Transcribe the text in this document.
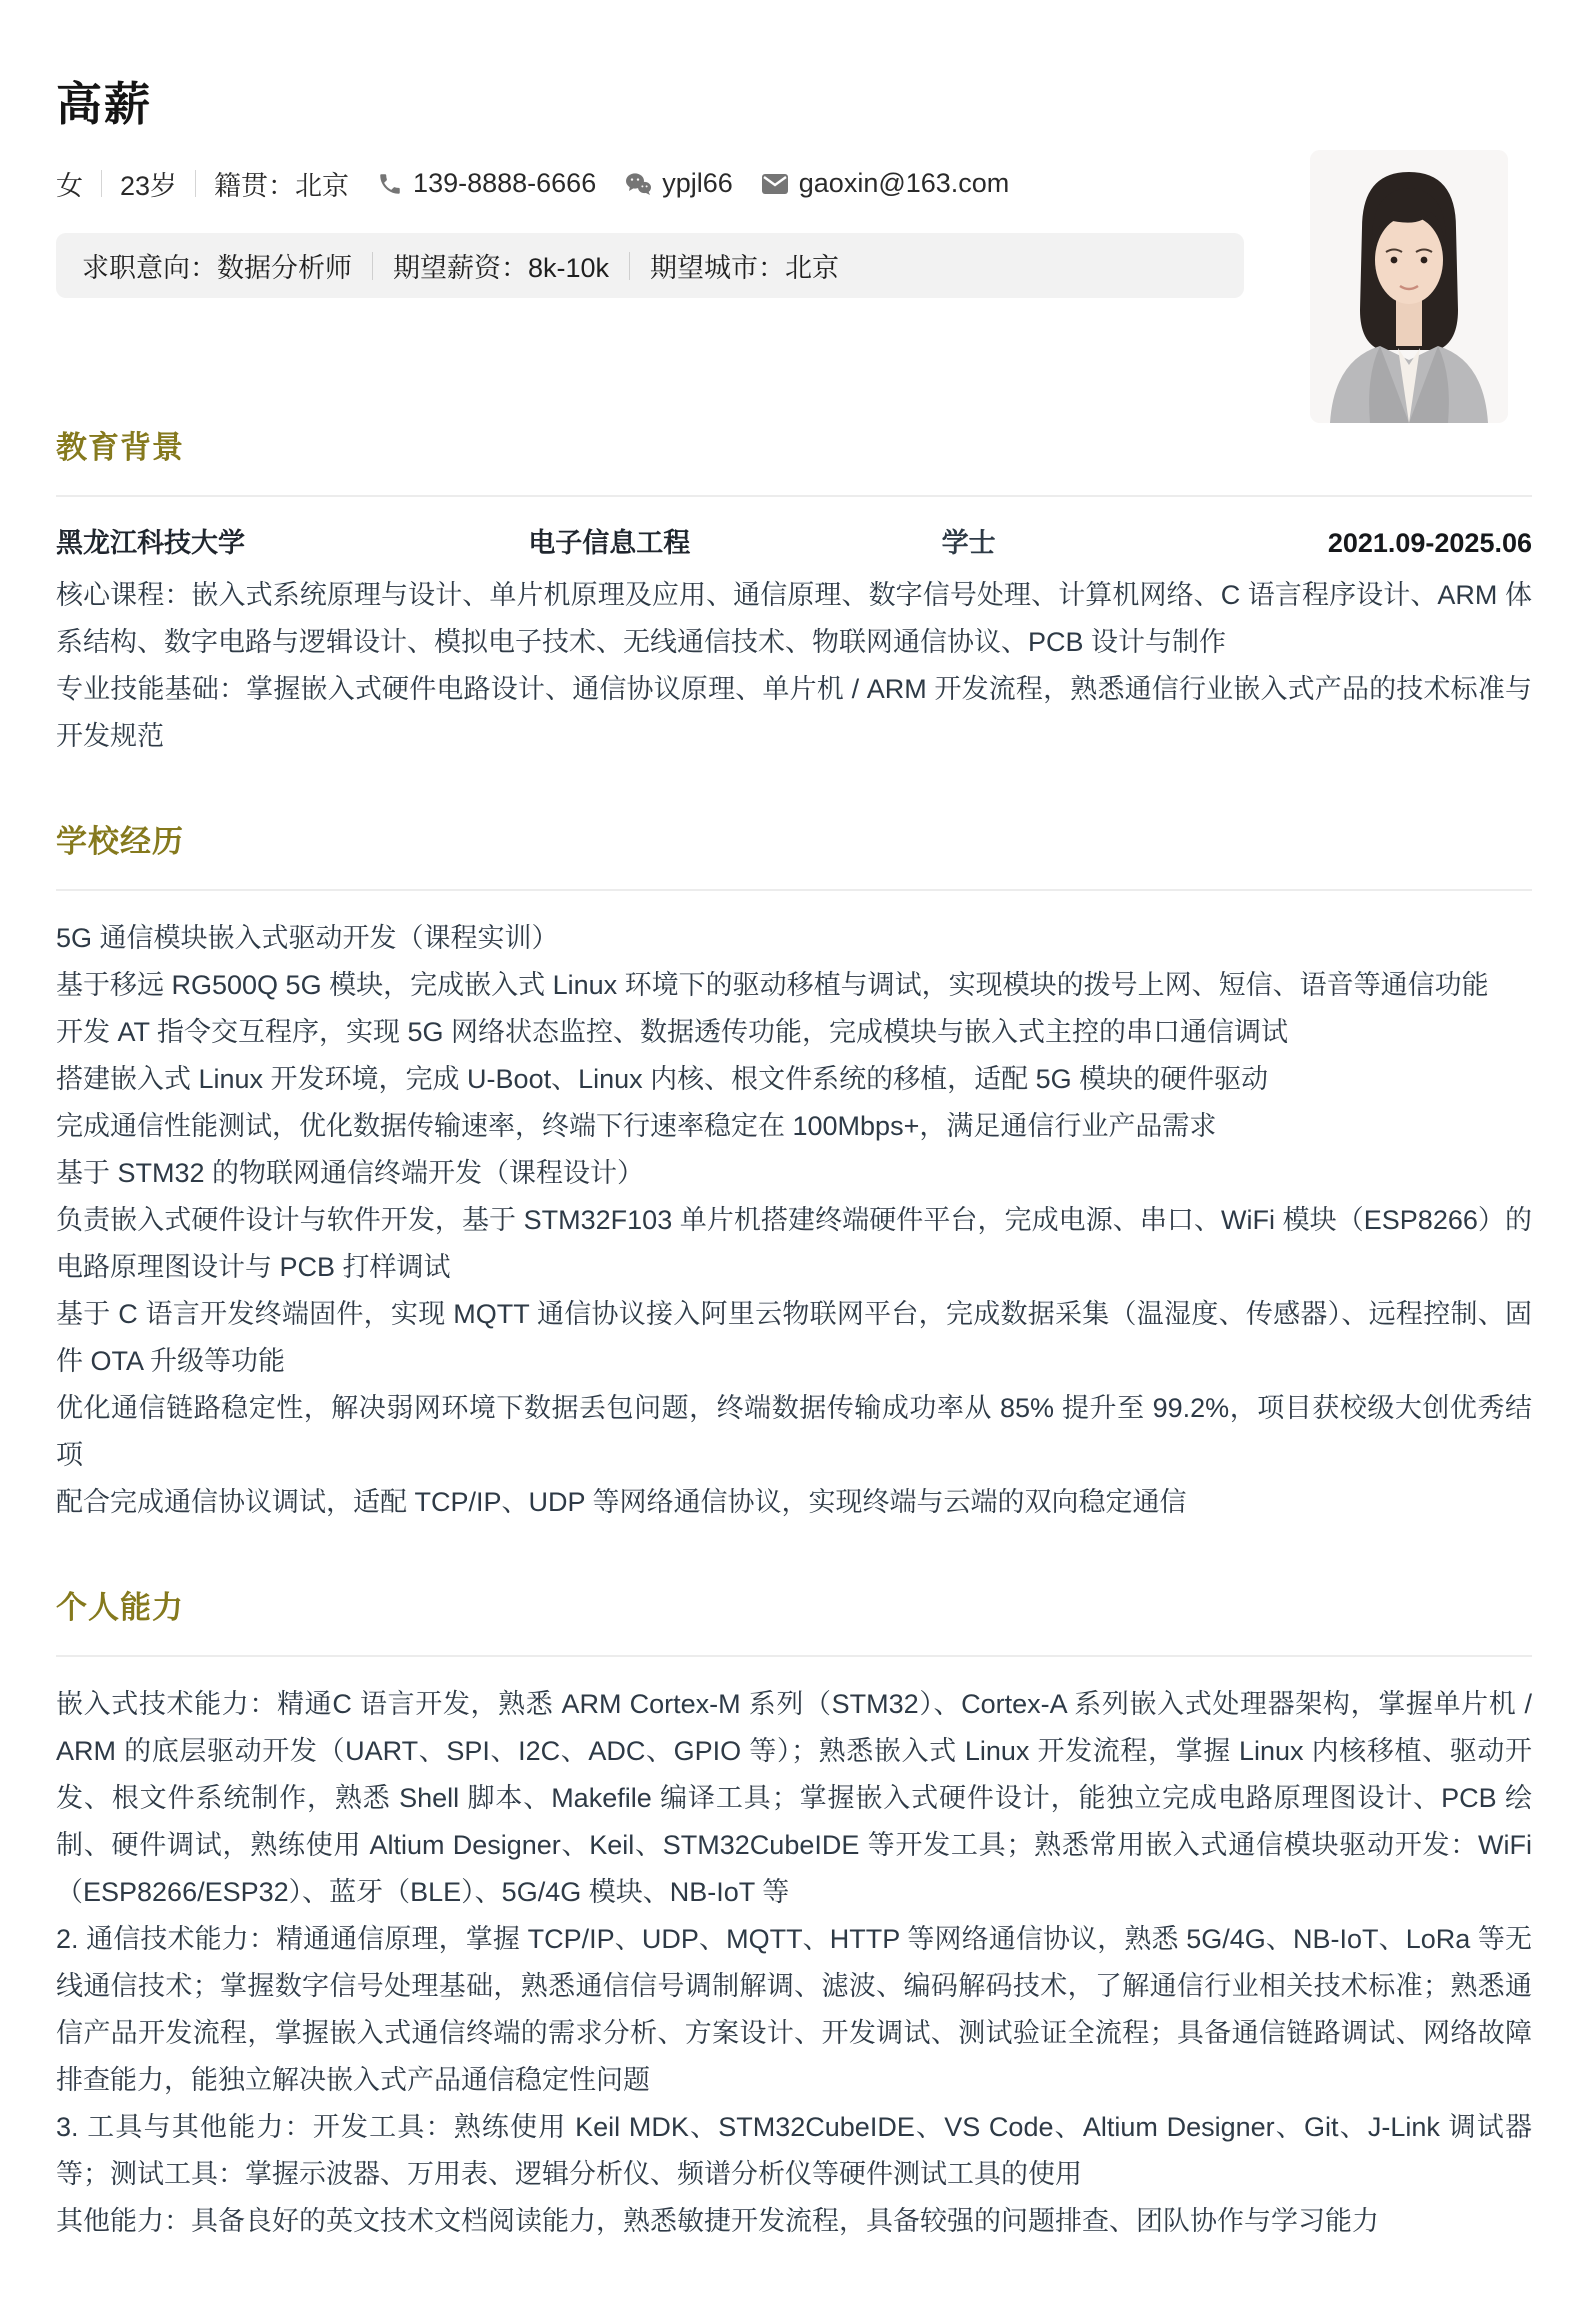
高薪
女 23岁 籍贯：北京 139-8888-6666 ypjl66 gaoxin@163.com
求职意向：数据分析师 期望薪资：8k-10k 期望城市：北京
教育背景
黑龙江科技大学	电子信息工程	学士	2021.09-2025.06

核心课程：嵌入式系统原理与设计、单片机原理及应用、通信原理、数字信号处理、计算机网络、C 语言程序设计、ARM 体系结构、数字电路与逻辑设计、模拟电子技术、无线通信技术、物联网通信协议、PCB 设计与制作

专业技能基础：掌握嵌入式硬件电路设计、通信协议原理、单片机 / ARM 开发流程，熟悉通信行业嵌入式产品的技术标准与开发规范

学校经历

5G 通信模块嵌入式驱动开发（课程实训）

基于移远 RG500Q 5G 模块，完成嵌入式 Linux 环境下的驱动移植与调试，实现模块的拨号上网、短信、语音等通信功能

开发 AT 指令交互程序，实现 5G 网络状态监控、数据透传功能，完成模块与嵌入式主控的串口通信调试

搭建嵌入式 Linux 开发环境，完成 U-Boot、Linux 内核、根文件系统的移植，适配 5G 模块的硬件驱动

完成通信性能测试，优化数据传输速率，终端下行速率稳定在 100Mbps+，满足通信行业产品需求

基于 STM32 的物联网通信终端开发（课程设计）

负责嵌入式硬件设计与软件开发，基于 STM32F103 单片机搭建终端硬件平台，完成电源、串口、WiFi 模块（ESP8266）的电路原理图设计与 PCB 打样调试

基于 C 语言开发终端固件，实现 MQTT 通信协议接入阿里云物联网平台，完成数据采集（温湿度、传感器）、远程控制、固件 OTA 升级等功能

优化通信链路稳定性，解决弱网环境下数据丢包问题，终端数据传输成功率从 85% 提升至 99.2%，项目获校级大创优秀结项

配合完成通信协议调试，适配 TCP/IP、UDP 等网络通信协议，实现终端与云端的双向稳定通信

个人能力

嵌入式技术能力：精通C 语言开发，熟悉 ARM Cortex-M 系列（STM32）、Cortex-A 系列嵌入式处理器架构，掌握单片机 / ARM 的底层驱动开发（UART、SPI、I2C、ADC、GPIO 等）；熟悉嵌入式 Linux 开发流程，掌握 Linux 内核移植、驱动开发、根文件系统制作，熟悉 Shell 脚本、Makefile 编译工具；掌握嵌入式硬件设计，能独立完成电路原理图设计、PCB 绘制、硬件调试，熟练使用 Altium Designer、Keil、STM32CubeIDE 等开发工具；熟悉常用嵌入式通信模块驱动开发：WiFi（ESP8266/ESP32）、蓝牙（BLE）、5G/4G 模块、NB-IoT 等

2. 通信技术能力：精通通信原理，掌握 TCP/IP、UDP、MQTT、HTTP 等网络通信协议，熟悉 5G/4G、NB-IoT、LoRa 等无线通信技术；掌握数字信号处理基础，熟悉通信信号调制解调、滤波、编码解码技术，了解通信行业相关技术标准；熟悉通信产品开发流程，掌握嵌入式通信终端的需求分析、方案设计、开发调试、测试验证全流程；具备通信链路调试、网络故障排查能力，能独立解决嵌入式产品通信稳定性问题

3. 工具与其他能力：开发工具：熟练使用 Keil MDK、STM32CubeIDE、VS Code、Altium Designer、Git、J-Link 调试器等；测试工具：掌握示波器、万用表、逻辑分析仪、频谱分析仪等硬件测试工具的使用

其他能力：具备良好的英文技术文档阅读能力，熟悉敏捷开发流程，具备较强的问题排查、团队协作与学习能力
